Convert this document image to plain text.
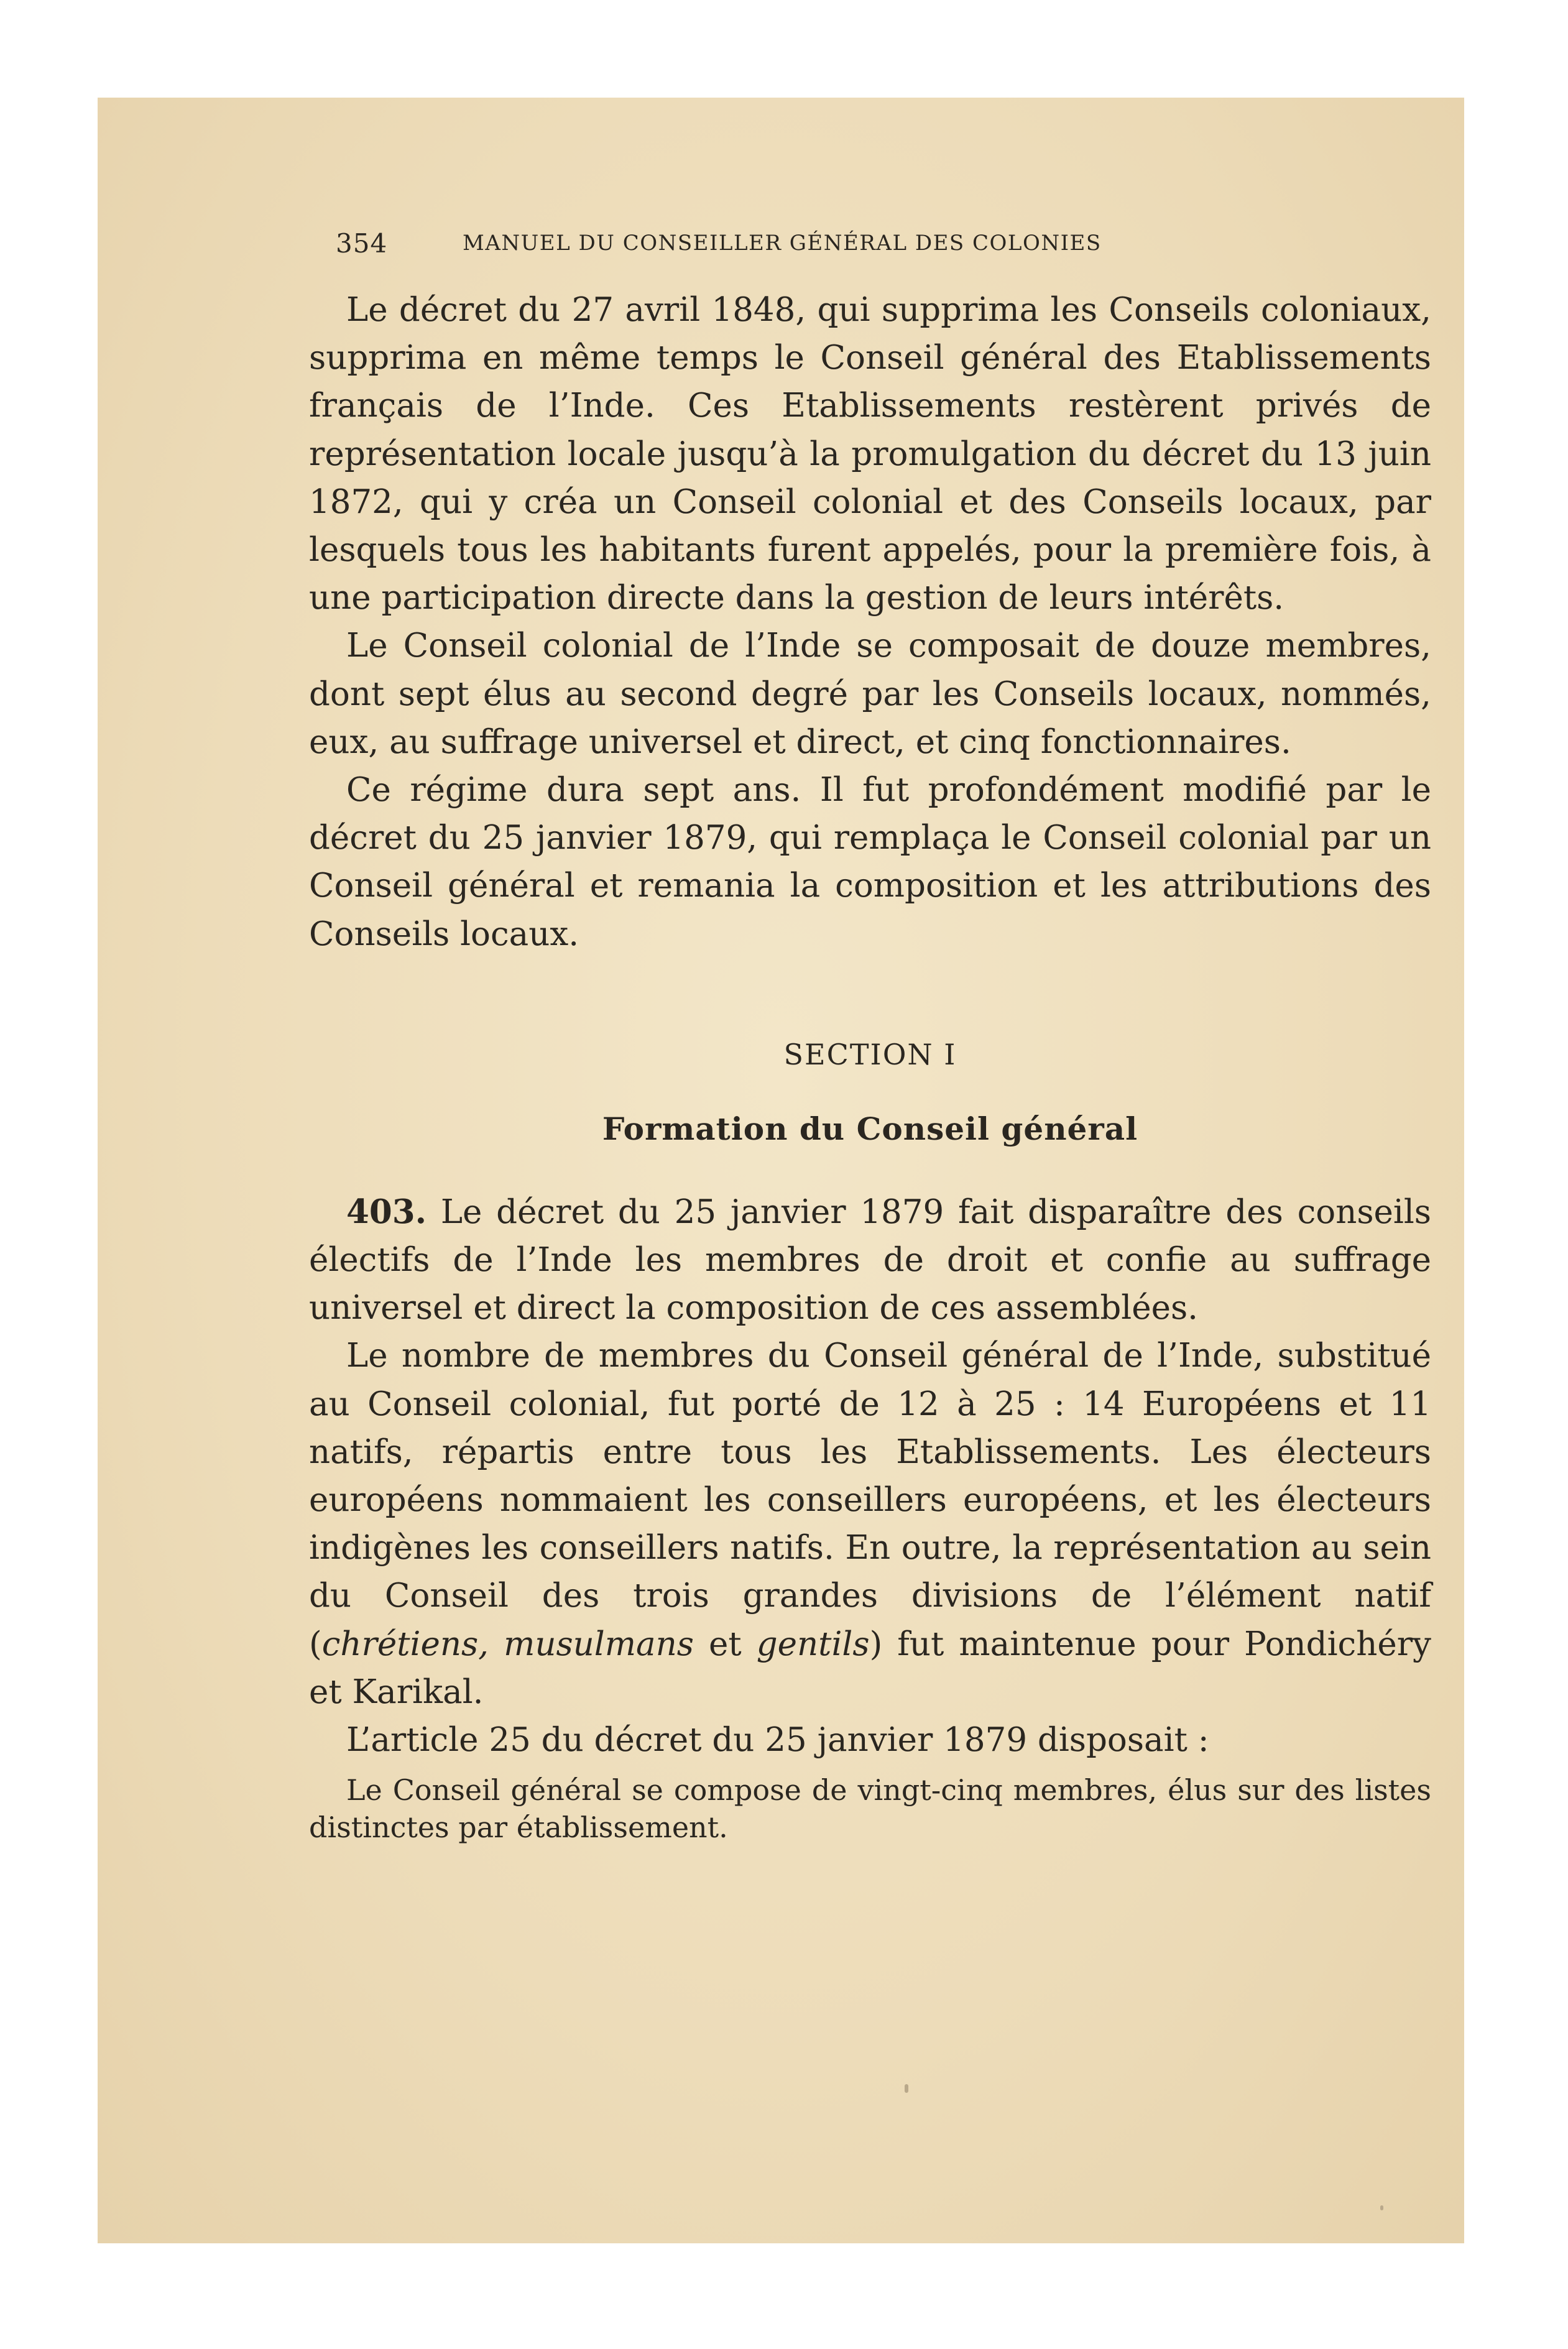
354	MANUEL DU CONSEILLER GÉNÉRAL DES COLONIES

Le décret du 27 avril 1848, qui supprima les Conseils coloniaux, supprima en même temps le Conseil général des Etablissements français de l’Inde. Ces Etablissements restèrent privés de représentation locale jusqu’à la promulgation du décret du 13 juin 1872, qui y créa un Conseil colonial et des Conseils locaux, par lesquels tous les habitants furent appelés, pour la première fois, à une participation directe dans la gestion de leurs intérêts.

Le Conseil colonial de l’Inde se composait de douze membres, dont sept élus au second degré par les Conseils locaux, nommés, eux, au suffrage universel et direct, et cinq fonctionnaires.

Ce régime dura sept ans. Il fut profondément modifié par le décret du 25 janvier 1879, qui remplaça le Conseil colonial par un Conseil général et remania la composition et les attributions des Conseils locaux.

SECTION I
Formation du Conseil général

403. Le décret du 25 janvier 1879 fait disparaître des conseils électifs de l’Inde les membres de droit et confie au suffrage universel et direct la composition de ces assemblées.

Le nombre de membres du Conseil général de l’Inde, substitué au Conseil colonial, fut porté de 12 à 25 : 14 Européens et 11 natifs, répartis entre tous les Etablissements. Les électeurs européens nommaient les conseillers européens, et les électeurs indigènes les conseillers natifs. En outre, la représentation au sein du Conseil des trois grandes divisions de l’élément natif (chrétiens, musulmans et gentils) fut maintenue pour Pondichéry et Karikal.

L’article 25 du décret du 25 janvier 1879 disposait :

Le Conseil général se compose de vingt-cinq membres, élus sur des listes distinctes par établissement.
